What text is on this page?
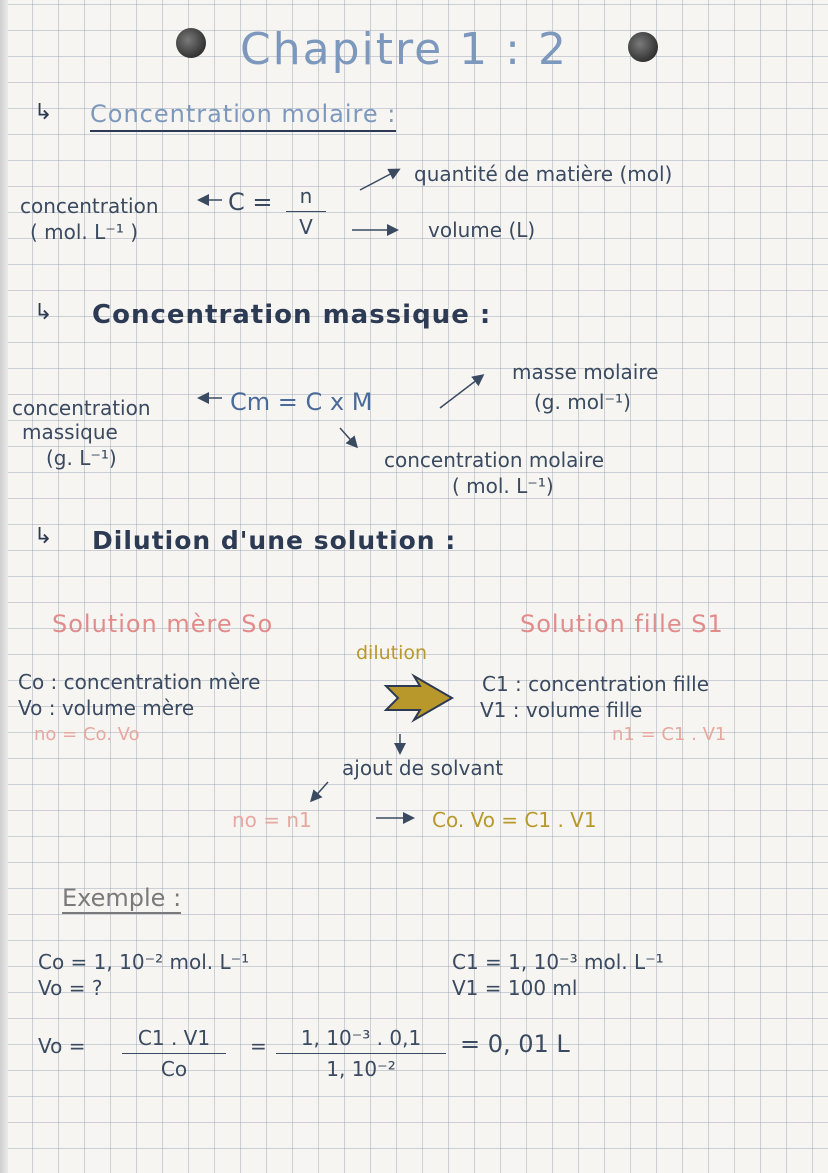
Chapitre 1 : 2
↳ Concentration molaire :
concentration
( mol. L⁻¹ )
C =	n
V
quantité de matière (mol)
volume (L)
↳ Concentration massique :
masse molaire
(g. mol⁻¹)
concentration
massique
(g. L⁻¹)
Cm = C x M
concentration molaire
( mol. L⁻¹)
↳ Dilution d'une solution :
Solution mère So	Solution fille S1
dilution
Co : concentration mère
Vo : volume mère
no = Co. Vo
C1 : concentration fille
V1 : volume fille
n1 = C1 . V1
ajout de solvant
no = n1	Co. Vo = C1 . V1
Exemple :
Co = 1, 10⁻² mol. L⁻¹
Vo = ?
C1 = 1, 10⁻³ mol. L⁻¹
V1 = 100 ml
Vo =	C1 . V1
Co
=	1, 10⁻³ . 0,1
1, 10⁻²
= 0, 01 L
